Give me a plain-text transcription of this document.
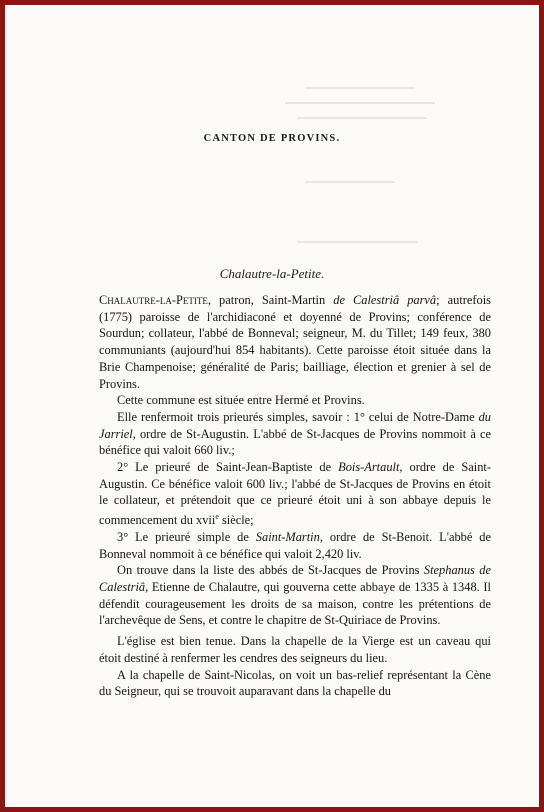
CANTON DE PROVINS.
Chalautre-la-Petite.

Chalautre-la-Petite, patron, Saint-Martin de Calestriâ parvâ; autrefois (1775) paroisse de l'archidiaconé et doyenné de Provins; conférence de Sourdun; collateur, l'abbé de Bonneval; seigneur, M. du Tillet; 149 feux, 380 communiants (aujourd'hui 854 habitants). Cette paroisse étoit située dans la Brie Champenoise; généralité de Paris; bailliage, élection et grenier à sel de Provins.

Cette commune est située entre Hermé et Provins.

Elle renfermoit trois prieurés simples, savoir : 1° celui de Notre-Dame du Jarriel, ordre de St-Augustin. L'abbé de St-Jacques de Provins nommoit à ce bénéfice qui valoit 660 liv.;

2° Le prieuré de Saint-Jean-Baptiste de Bois-Artault, ordre de Saint-Augustin. Ce bénéfice valoit 600 liv.; l'abbé de St-Jacques de Provins en étoit le collateur, et prétendoit que ce prieuré étoit uni à son abbaye depuis le commencement du xvii$^e$ siècle;

3° Le prieuré simple de Saint-Martin, ordre de St-Benoit. L'abbé de Bonneval nommoit à ce bénéfice qui valoit 2,420 liv.

On trouve dans la liste des abbés de St-Jacques de Provins Stephanus de Calestriâ, Etienne de Chalautre, qui gouverna cette abbaye de 1335 à 1348. Il défendit courageusement les droits de sa maison, contre les prétentions de l'archevêque de Sens, et contre le chapitre de St-Quiriace de Provins.

L'église est bien tenue. Dans la chapelle de la Vierge est un caveau qui étoit destiné à renfermer les cendres des seigneurs du lieu.

A la chapelle de Saint-Nicolas, on voit un bas-relief représentant la Cène du Seigneur, qui se trouvoit auparavant dans la chapelle du
